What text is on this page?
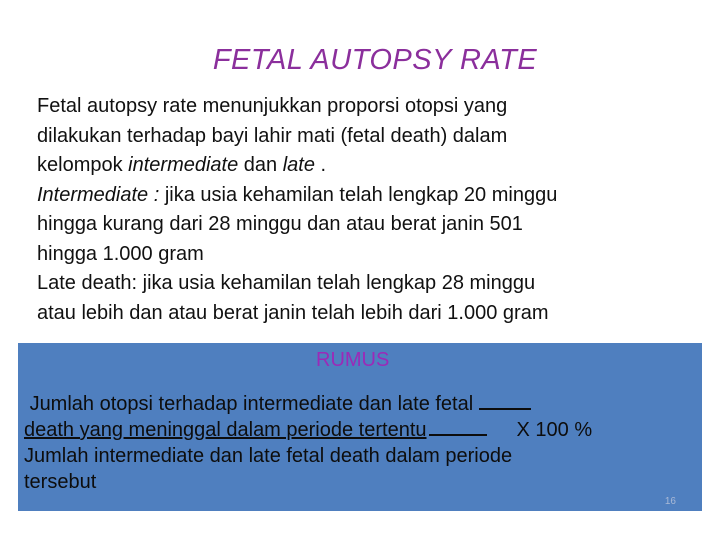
FETAL AUTOPSY RATE
Fetal autopsy rate menunjukkan proporsi otopsi yang
dilakukan terhadap bayi lahir mati (fetal death) dalam
kelompok intermediate dan late .
Intermediate : jika usia kehamilan telah lengkap 20 minggu
hingga kurang dari 28 minggu dan atau berat janin 501
hingga 1.000 gram
Late death: jika usia kehamilan telah lengkap 28 minggu
atau lebih dan atau berat janin telah lebih dari 1.000 gram
RUMUS
Jumlah otopsi terhadap intermediate dan late fetal
death yang meninggal dalam periode tertentu	X 100 %
Jumlah intermediate dan late fetal death dalam periode
tersebut
16
